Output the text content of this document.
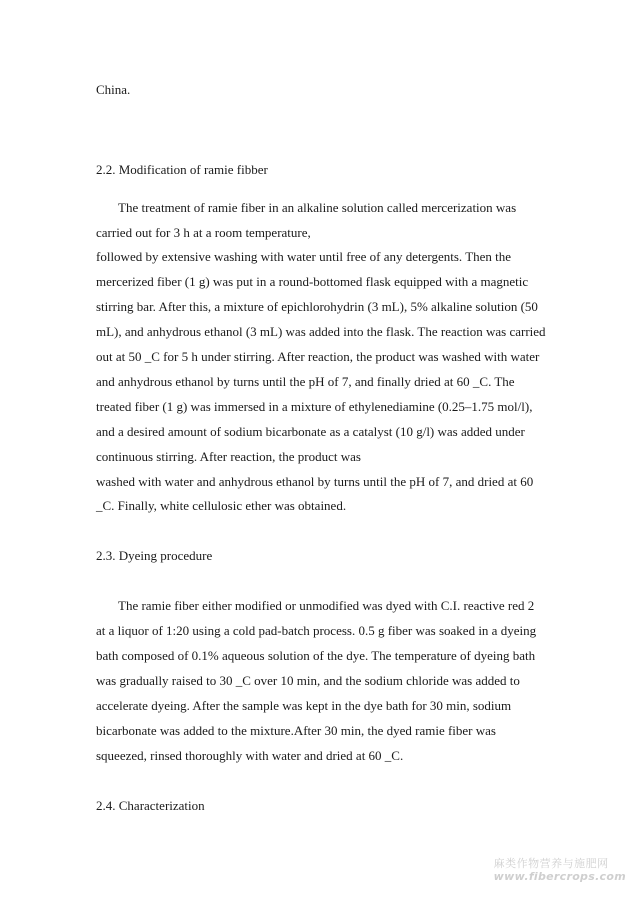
China.
2.2. Modification of ramie fibber
The treatment of ramie fiber in an alkaline solution called mercerization was
carried out for 3 h at a room temperature,
followed by extensive washing with water until free of any detergents. Then the
mercerized fiber (1 g) was put in a round-bottomed flask equipped with a magnetic
stirring bar. After this, a mixture of epichlorohydrin (3 mL), 5% alkaline solution (50
mL), and anhydrous ethanol (3 mL) was added into the flask. The reaction was carried
out at 50 _C for 5 h under stirring. After reaction, the product was washed with water
and anhydrous ethanol by turns until the pH of 7, and finally dried at 60 _C. The
treated fiber (1 g) was immersed in a mixture of ethylenediamine (0.25–1.75 mol/l),
and a desired amount of sodium bicarbonate as a catalyst (10 g/l) was added under
continuous stirring. After reaction, the product was
washed with water and anhydrous ethanol by turns until the pH of 7, and dried at 60
_C. Finally, white cellulosic ether was obtained.
2.3. Dyeing procedure
The ramie fiber either modified or unmodified was dyed with C.I. reactive red 2
at a liquor of 1:20 using a cold pad-batch process. 0.5 g fiber was soaked in a dyeing
bath composed of 0.1% aqueous solution of the dye. The temperature of dyeing bath
was gradually raised to 30 _C over 10 min, and the sodium chloride was added to
accelerate dyeing. After the sample was kept in the dye bath for 30 min, sodium
bicarbonate was added to the mixture.After 30 min, the dyed ramie fiber was
squeezed, rinsed thoroughly with water and dried at 60 _C.
2.4. Characterization
麻类作物营养与施肥网
www.fibercrops.com
